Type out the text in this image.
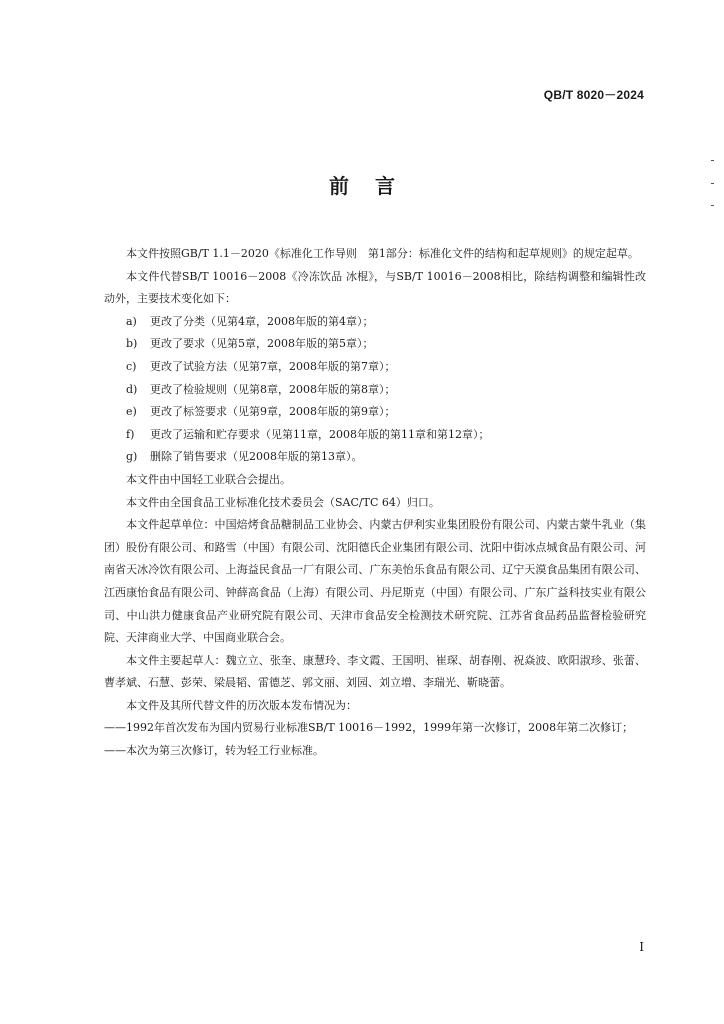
QB/T 8020－2024
前言

本文件按照GB/T 1.1－2020《标准化工作导则　第1部分：标准化文件的结构和起草规则》的规定起草。

本文件代替SB/T 10016－2008《冷冻饮品 冰棍》，与SB/T 10016－2008相比，除结构调整和编辑性改动外，主要技术变化如下：

a) 更改了分类（见第4章，2008年版的第4章）；

b) 更改了要求（见第5章，2008年版的第5章）；

c) 更改了试验方法（见第7章，2008年版的第7章）；

d) 更改了检验规则（见第8章，2008年版的第8章）；

e) 更改了标签要求（见第9章，2008年版的第9章）；

f) 更改了运输和贮存要求（见第11章，2008年版的第11章和第12章）；

g) 删除了销售要求（见2008年版的第13章）。

本文件由中国轻工业联合会提出。

本文件由全国食品工业标准化技术委员会（SAC/TC 64）归口。

本文件起草单位：中国焙烤食品糖制品工业协会、内蒙古伊利实业集团股份有限公司、内蒙古蒙牛乳业（集团）股份有限公司、和路雪（中国）有限公司、沈阳德氏企业集团有限公司、沈阳中街冰点城食品有限公司、河南省天冰冷饮有限公司、上海益民食品一厂有限公司、广东美怡乐食品有限公司、辽宁天漠食品集团有限公司、江西康怡食品有限公司、钟薛高食品（上海）有限公司、丹尼斯克（中国）有限公司、广东广益科技实业有限公司、中山洪力健康食品产业研究院有限公司、天津市食品安全检测技术研究院、江苏省食品药品监督检验研究院、天津商业大学、中国商业联合会。

本文件主要起草人：魏立立、张奎、康慧玲、李文霞、王国明、崔琛、胡春刚、祝焱波、欧阳淑珍、张蕾、曹孝斌、石慧、彭荣、梁晨韬、雷德芝、郭文丽、刘园、刘立增、李瑞光、靳晓蕾。

本文件及其所代替文件的历次版本发布情况为：

——1992年首次发布为国内贸易行业标准SB/T 10016－1992，1999年第一次修订，2008年第二次修订；

——本次为第三次修订，转为轻工行业标准。

I
